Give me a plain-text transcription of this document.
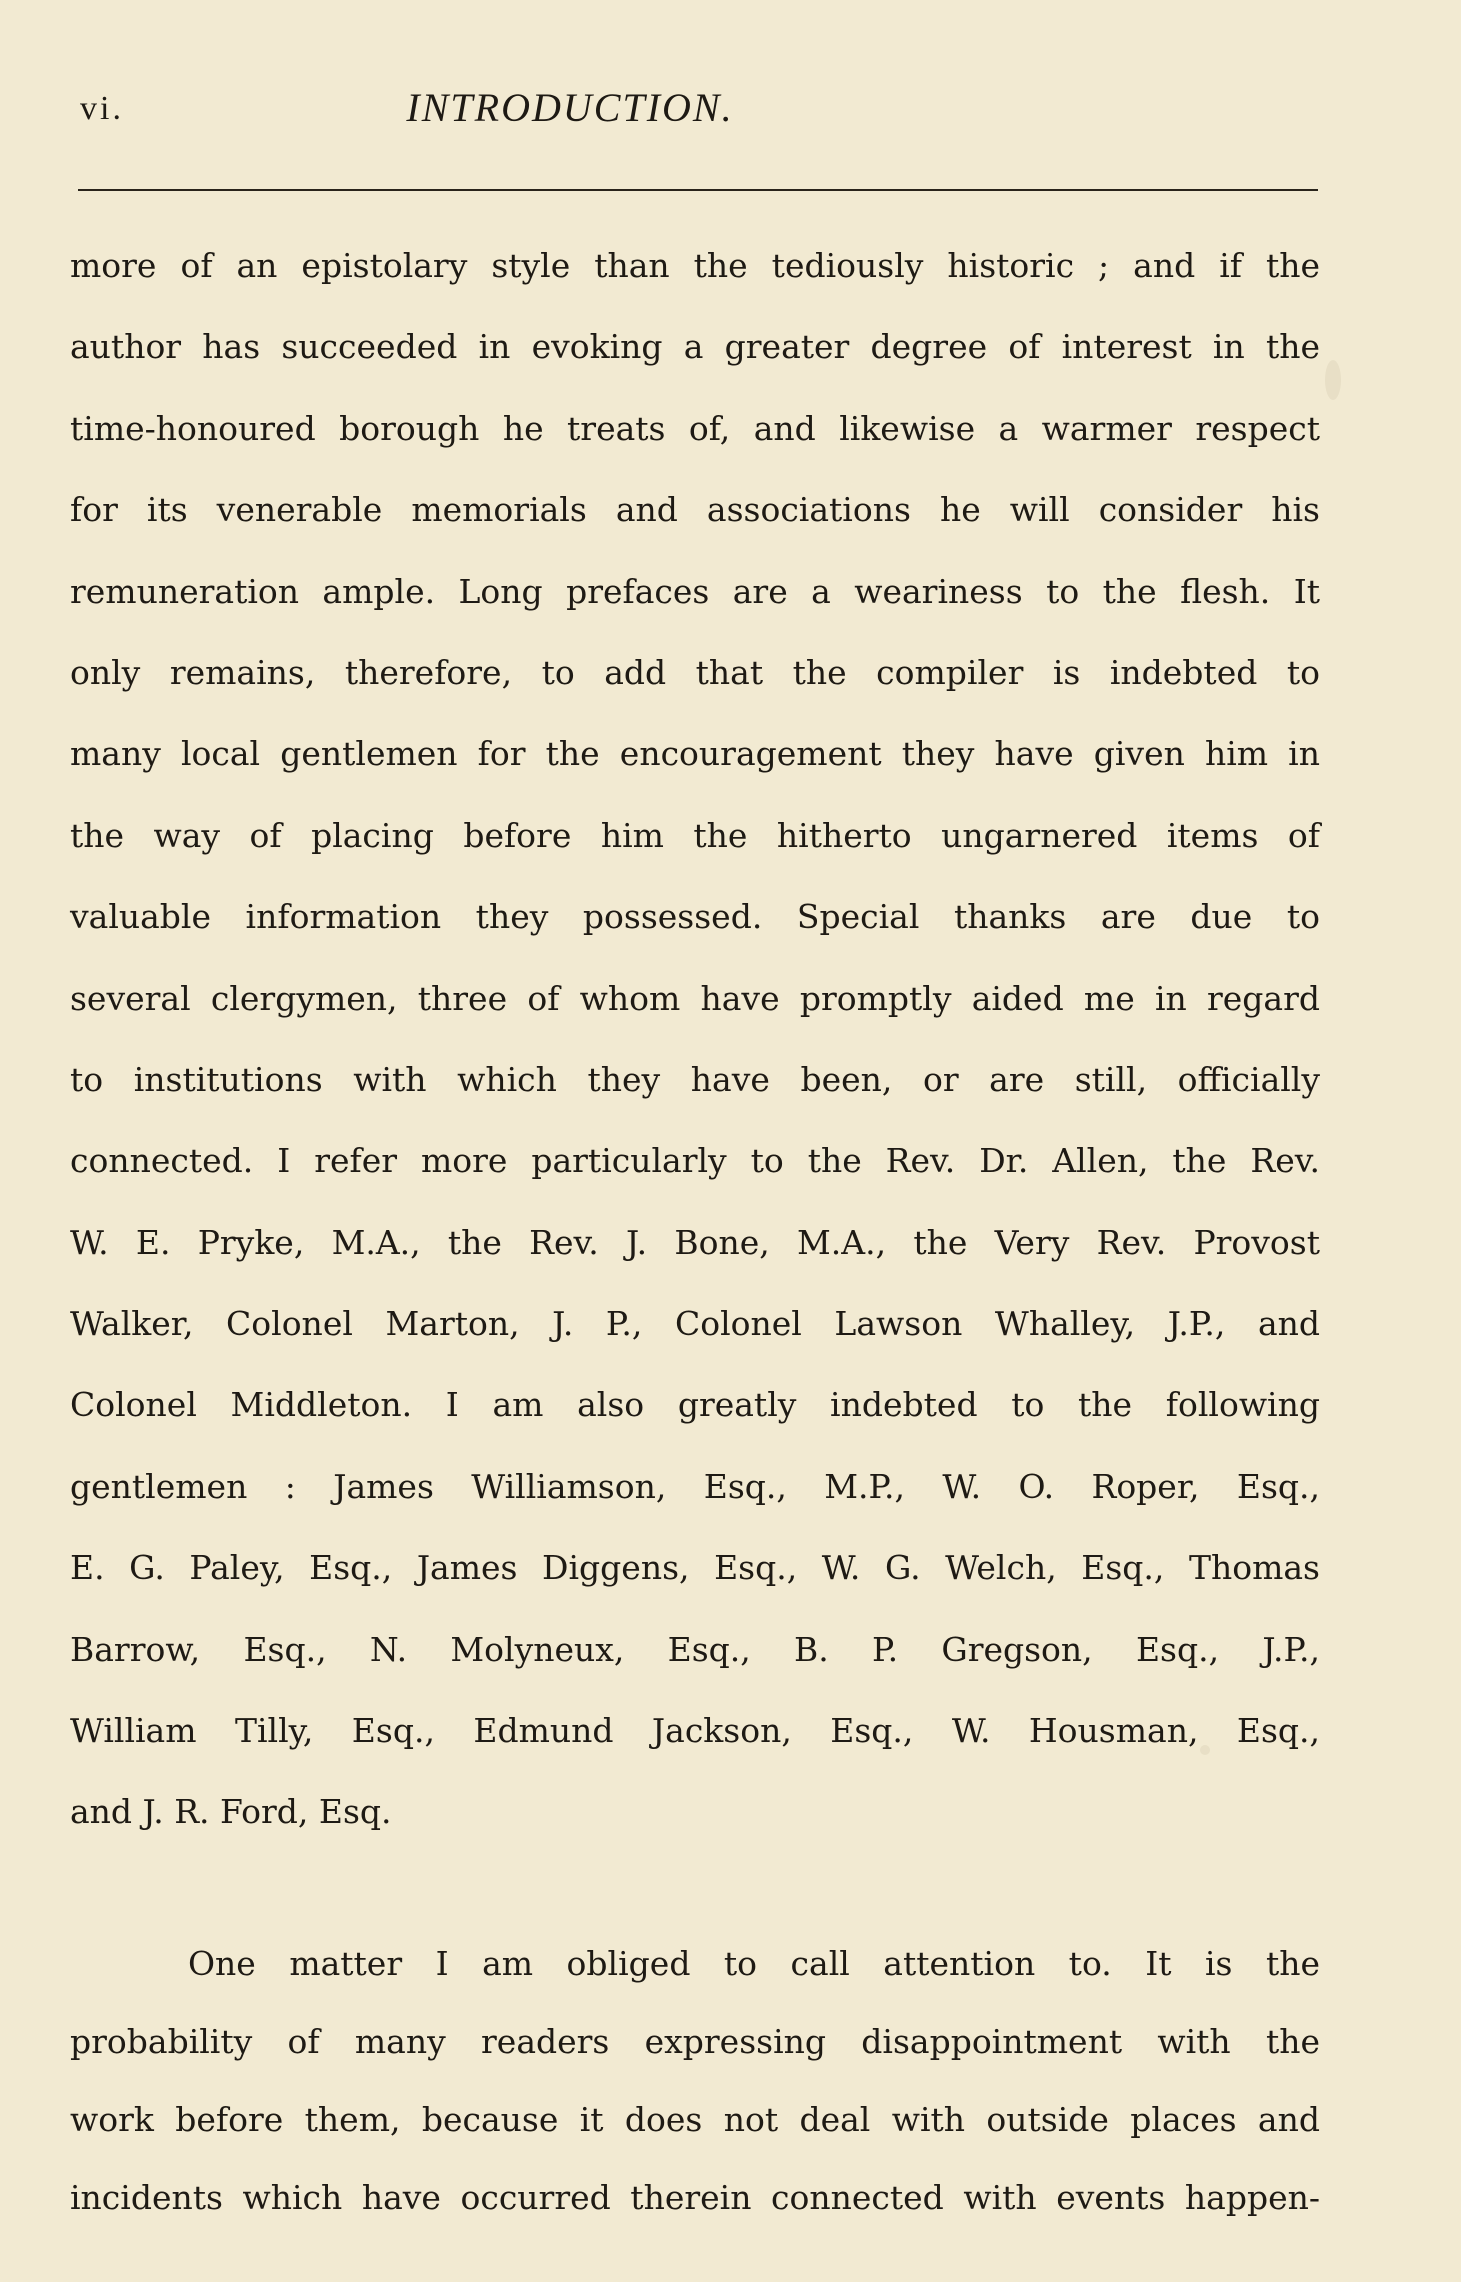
vi.	INTRODUCTION.
more of an epistolary style than the tediously historic ; and if the
author has succeeded in evoking a greater degree of interest in the
time-honoured borough he treats of, and likewise a warmer respect
for its venerable memorials and associations he will consider his
remuneration ample. Long prefaces are a weariness to the flesh. It
only remains, therefore, to add that the compiler is indebted to
many local gentlemen for the encouragement they have given him in
the way of placing before him the hitherto ungarnered items of
valuable information they possessed. Special thanks are due to
several clergymen, three of whom have promptly aided me in regard
to institutions with which they have been, or are still, officially
connected. I refer more particularly to the Rev. Dr. Allen, the Rev.
W. E. Pryke, M.A., the Rev. J. Bone, M.A., the Very Rev. Provost
Walker, Colonel Marton, J. P., Colonel Lawson Whalley, J.P., and
Colonel Middleton. I am also greatly indebted to the following
gentlemen : James Williamson, Esq., M.P., W. O. Roper, Esq.,
E. G. Paley, Esq., James Diggens, Esq., W. G. Welch, Esq., Thomas
Barrow, Esq., N. Molyneux, Esq., B. P. Gregson, Esq., J.P.,
William Tilly, Esq., Edmund Jackson, Esq., W. Housman, Esq.,
and J. R. Ford, Esq.
One matter I am obliged to call attention to. It is the
probability of many readers expressing disappointment with the
work before them, because it does not deal with outside places and
incidents which have occurred therein connected with events happen-
